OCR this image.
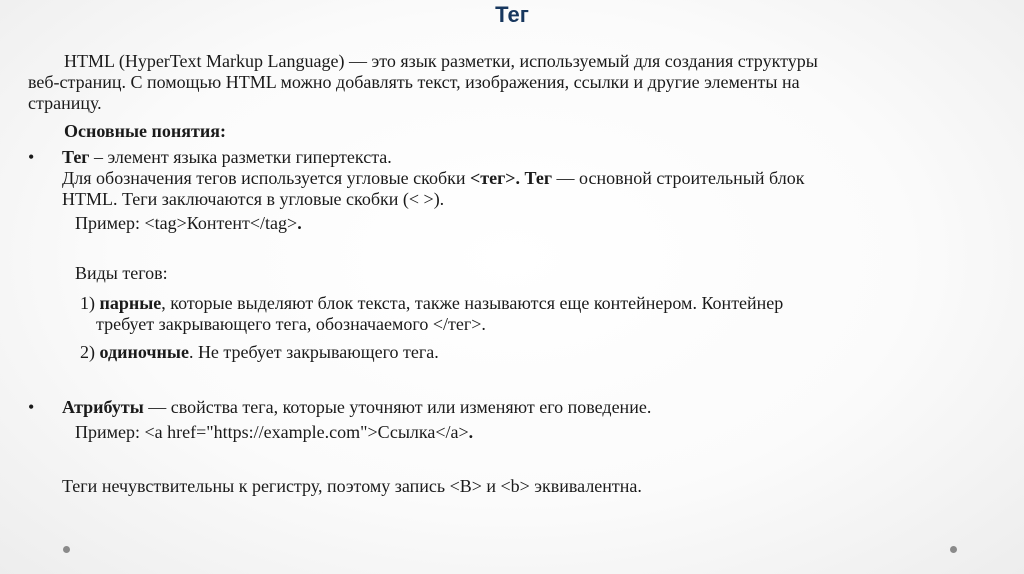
Тег
HTML (HyperText Markup Language) — это язык разметки, используемый для создания структуры
веб-страниц. С помощью HTML можно добавлять текст, изображения, ссылки и другие элементы на
страницу.
Основные понятия:
• Тег – элемент языка разметки гипертекста.
Для обозначения тегов используется угловые скобки <тег>. Тег — основной строительный блок
HTML. Теги заключаются в угловые скобки (< >).
Пример: <tag>Контент</tag>.
Виды тегов:
1) парные, которые выделяют блок текста, также называются еще контейнером. Контейнер
требует закрывающего тега, обозначаемого </тег>.
2) одиночные. Не требует закрывающего тега.
• Атрибуты — свойства тега, которые уточняют или изменяют его поведение.
Пример: <a href="https://example.com">Ссылка</a>.
Теги нечувствительны к регистру, поэтому запись <B> и <b> эквивалентна.
